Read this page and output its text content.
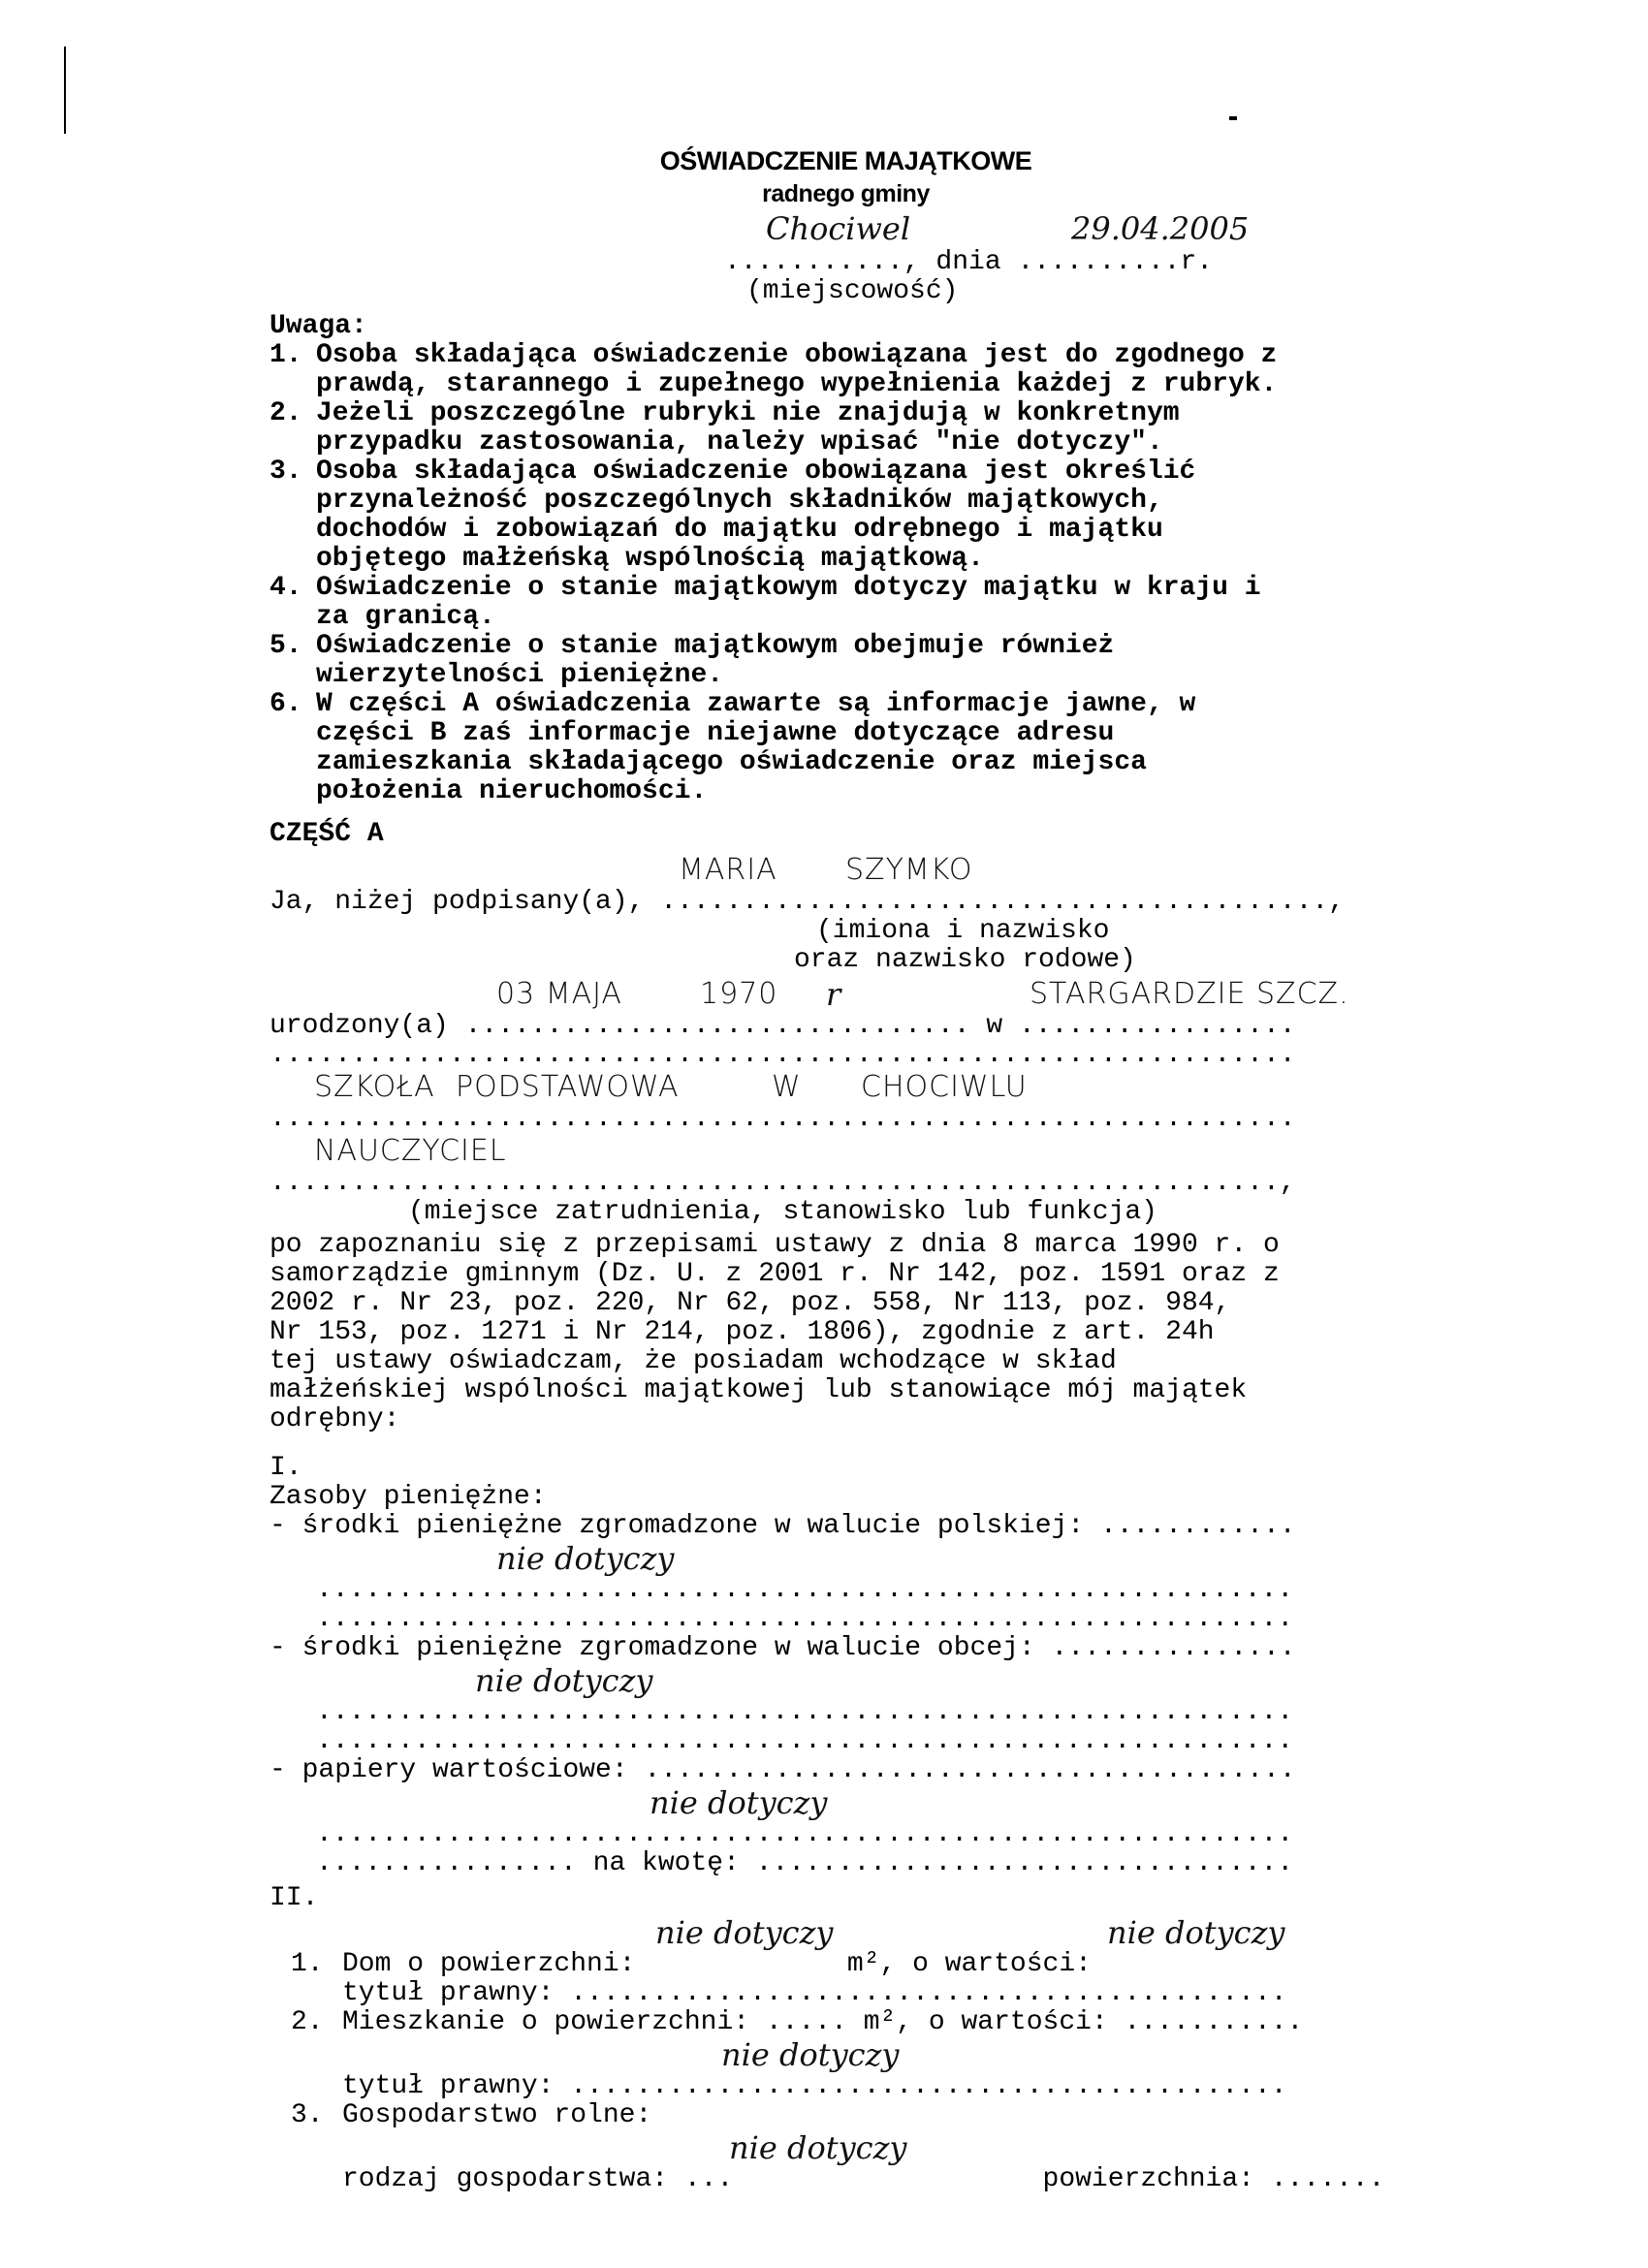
OŚWIADCZENIE MAJĄTKOWE
radnego gminy
Chociwel	29.04.2005
..........., dnia ..........r.
(miejscowość)
Uwaga:
1. Osoba składająca oświadczenie obowiązana jest do zgodnego z
prawdą, starannego i zupełnego wypełnienia każdej z rubryk.
2. Jeżeli poszczególne rubryki nie znajdują w konkretnym
przypadku zastosowania, należy wpisać "nie dotyczy".
3. Osoba składająca oświadczenie obowiązana jest określić
przynależność poszczególnych składników majątkowych,
dochodów i zobowiązań do majątku odrębnego i majątku
objętego małżeńską wspólnością majątkową.
4. Oświadczenie o stanie majątkowym dotyczy majątku w kraju i
za granicą.
5. Oświadczenie o stanie majątkowym obejmuje również
wierzytelności pieniężne.
6. W części A oświadczenia zawarte są informacje jawne, w
części B zaś informacje niejawne dotyczące adresu
zamieszkania składającego oświadczenie oraz miejsca
położenia nieruchomości.
CZĘŚĆ A
MARIA SZYMKO
Ja, niżej podpisany(a), .........................................,
(imiona i nazwisko
oraz nazwisko rodowe)
03 MAJA	1970 r	STARGARDZIE SZCZ.
urodzony(a) ............................... w .................
...............................................................
SZKOŁA PODSTAWOWA	W CHOCIWLU
...............................................................
NAUCZYCIEL
..............................................................,
(miejsce zatrudnienia, stanowisko lub funkcja)
po zapoznaniu się z przepisami ustawy z dnia 8 marca 1990 r. o
samorządzie gminnym (Dz. U. z 2001 r. Nr 142, poz. 1591 oraz z
2002 r. Nr 23, poz. 220, Nr 62, poz. 558, Nr 113, poz. 984,
Nr 153, poz. 1271 i Nr 214, poz. 1806), zgodnie z art. 24h
tej ustawy oświadczam, że posiadam wchodzące w skład
małżeńskiej wspólności majątkowej lub stanowiące mój majątek
odrębny:
I.
Zasoby pieniężne:
- środki pieniężne zgromadzone w walucie polskiej: ............
nie dotyczy
............................................................
............................................................
- środki pieniężne zgromadzone w walucie obcej: ...............
nie dotyczy
............................................................
............................................................
- papiery wartościowe: ........................................
nie dotyczy
............................................................
................ na kwotę: .................................
II.
nie dotyczy	nie dotyczy
1. Dom o powierzchni:             m², o wartości:
tytuł prawny: ............................................
2. Mieszkanie o powierzchni: ..... m², o wartości: ...........
nie dotyczy
tytuł prawny: ............................................
3. Gospodarstwo rolne:
nie dotyczy
rodzaj gospodarstwa: ...                   powierzchnia: .......
